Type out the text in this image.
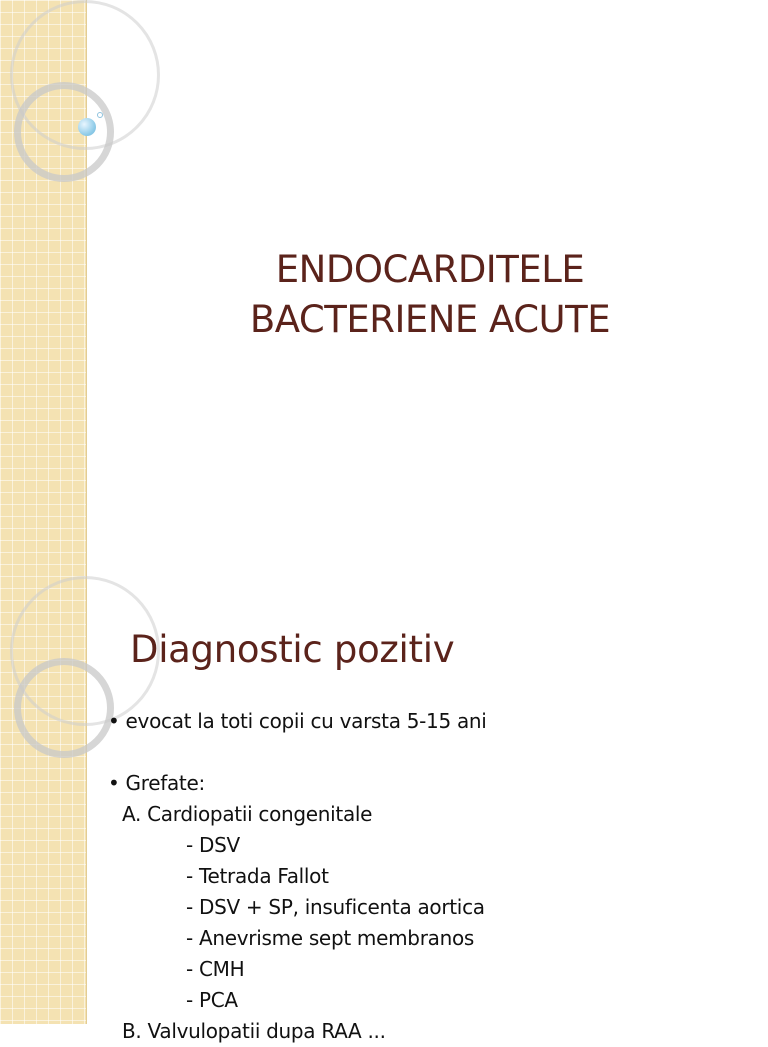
ENDOCARDITELE
BACTERIENE ACUTE
Diagnostic pozitiv
• evocat la toti copii cu varsta 5-15 ani
• Grefate:
A. Cardiopatii congenitale
- DSV
- Tetrada Fallot
- DSV + SP, insuficenta aortica
- Anevrisme sept membranos
- CMH
- PCA
B. Valvulopatii dupa RAA ...
